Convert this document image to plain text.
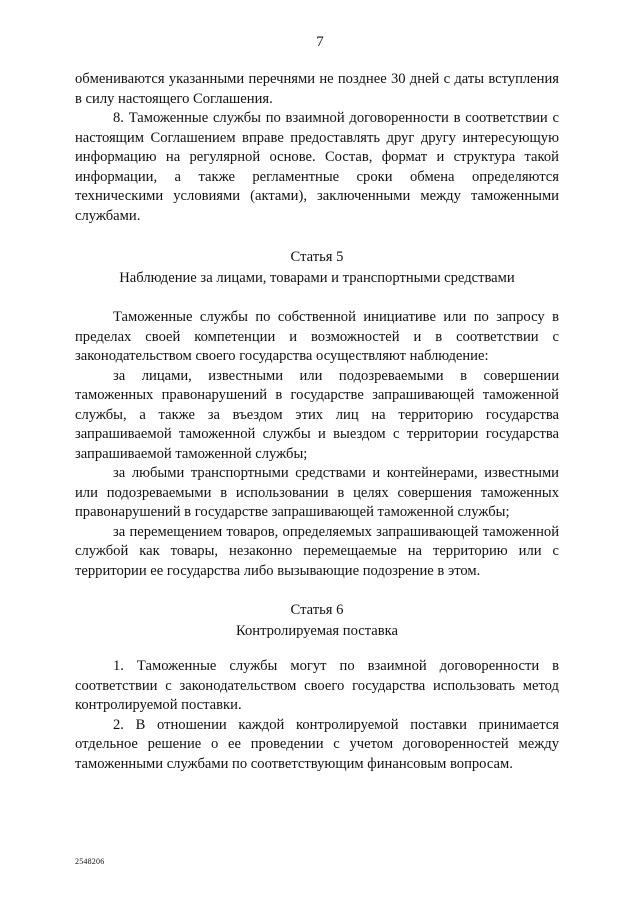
7

обмениваются указанными перечнями не позднее 30 дней с даты вступления в силу настоящего Соглашения.

8. Таможенные службы по взаимной договоренности в соответствии с настоящим Соглашением вправе предоставлять друг другу интересующую информацию на регулярной основе. Состав, формат и структура такой информации, а также регламентные сроки обмена определяются техническими условиями (актами), заключенными между таможенными службами.

Статья 5
Наблюдение за лицами, товарами и транспортными средствами

Таможенные службы по собственной инициативе или по запросу в пределах своей компетенции и возможностей и в соответствии с законодательством своего государства осуществляют наблюдение:

за лицами, известными или подозреваемыми в совершении таможенных правонарушений в государстве запрашивающей таможенной службы, а также за въездом этих лиц на территорию государства запрашиваемой таможенной службы и выездом с территории государства запрашиваемой таможенной службы;

за любыми транспортными средствами и контейнерами, известными или подозреваемыми в использовании в целях совершения таможенных правонарушений в государстве запрашивающей таможенной службы;

за перемещением товаров, определяемых запрашивающей таможенной службой как товары, незаконно перемещаемые на территорию или с территории ее государства либо вызывающие подозрение в этом.

Статья 6
Контролируемая поставка

1. Таможенные службы могут по взаимной договоренности в соответствии с законодательством своего государства использовать метод контролируемой поставки.

2. В отношении каждой контролируемой поставки принимается отдельное решение о ее проведении с учетом договоренностей между таможенными службами по соответствующим финансовым вопросам.

2548206
